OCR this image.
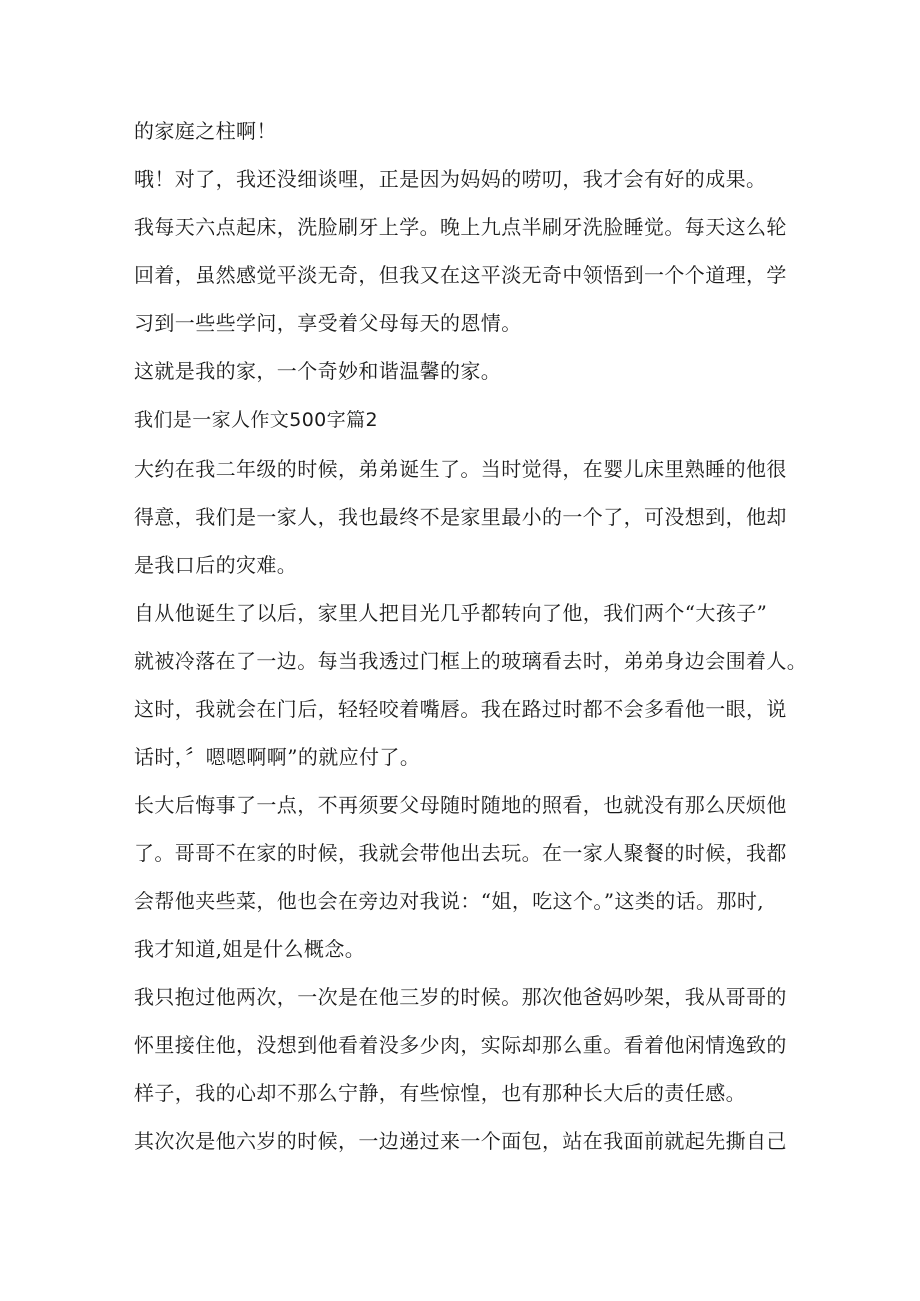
的家庭之柱啊！
哦！对了，我还没细谈哩，正是因为妈妈的唠叨，我才会有好的成果。
我每天六点起床，洗脸刷牙上学。晚上九点半刷牙洗脸睡觉。每天这么轮
回着，虽然感觉平淡无奇，但我又在这平淡无奇中领悟到一个个道理，学
习到一些些学问，享受着父母每天的恩情。
这就是我的家，一个奇妙和谐温馨的家。
我们是一家人作文500字篇2
大约在我二年级的时候，弟弟诞生了。当时觉得，在婴儿床里熟睡的他很
得意，我们是一家人，我也最终不是家里最小的一个了，可没想到，他却
是我口后的灾难。
自从他诞生了以后，家里人把目光几乎都转向了他，我们两个“大孩子”
就被冷落在了一边。每当我透过门框上的玻璃看去时，弟弟身边会围着人。
这时，我就会在门后，轻轻咬着嘴唇。我在路过时都不会多看他一眼，说
话时，〞嗯嗯啊啊”的就应付了。
长大后悔事了一点，不再须要父母随时随地的照看，也就没有那么厌烦他
了。哥哥不在家的时候，我就会带他出去玩。在一家人聚餐的时候，我都
会帮他夹些菜，他也会在旁边对我说：“姐，吃这个。”这类的话。那时,
我才知道,姐是什么概念。
我只抱过他两次，一次是在他三岁的时候。那次他爸妈吵架，我从哥哥的
怀里接住他，没想到他看着没多少肉，实际却那么重。看着他闲情逸致的
样子，我的心却不那么宁静，有些惊惶，也有那种长大后的责任感。
其次次是他六岁的时候，一边递过来一个面包，站在我面前就起先撕自己
